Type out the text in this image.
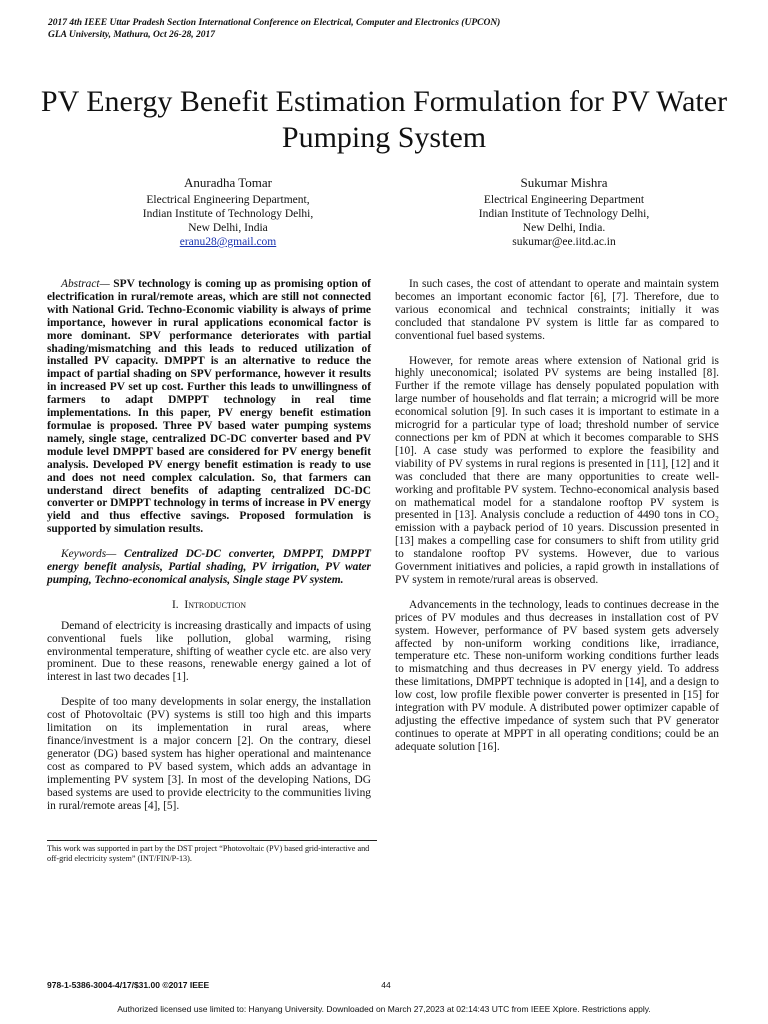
2017 4th IEEE Uttar Pradesh Section International Conference on Electrical, Computer and Electronics (UPCON)
GLA University, Mathura, Oct 26-28, 2017
PV Energy Benefit Estimation Formulation for PV Water Pumping System
Anuradha Tomar
Electrical Engineering Department,
Indian Institute of Technology Delhi,
New Delhi, India
eranu28@gmail.com
Sukumar Mishra
Electrical Engineering Department
Indian Institute of Technology Delhi,
New Delhi, India.
sukumar@ee.iitd.ac.in

Abstract— SPV technology is coming up as promising option of electrification in rural/remote areas, which are still not connected with National Grid. Techno-Economic viability is always of prime importance, however in rural applications economical factor is more dominant. SPV performance deteriorates with partial shading/mismatching and this leads to reduced utilization of installed PV capacity. DMPPT is an alternative to reduce the impact of partial shading on SPV performance, however it results in increased PV set up cost. Further this leads to unwillingness of farmers to adapt DMPPT technology in real time implementations. In this paper, PV energy benefit estimation formulae is proposed. Three PV based water pumping systems namely, single stage, centralized DC-DC converter based and PV module level DMPPT based are considered for PV energy benefit analysis. Developed PV energy benefit estimation is ready to use and does not need complex calculation. So, that farmers can understand direct benefits of adapting centralized DC-DC converter or DMPPT technology in terms of increase in PV energy yield and thus effective savings. Proposed formulation is supported by simulation results.

Keywords— Centralized DC-DC converter, DMPPT, DMPPT energy benefit analysis, Partial shading, PV irrigation, PV water pumping, Techno-economical analysis, Single stage PV system.

I. Introduction

Demand of electricity is increasing drastically and impacts of using conventional fuels like pollution, global warming, rising environmental temperature, shifting of weather cycle etc. are also very prominent. Due to these reasons, renewable energy gained a lot of interest in last two decades [1].

Despite of too many developments in solar energy, the installation cost of Photovoltaic (PV) systems is still too high and this imparts limitation on its implementation in rural areas, where finance/investment is a major concern [2]. On the contrary, diesel generator (DG) based system has higher operational and maintenance cost as compared to PV based system, which adds an advantage in implementing PV system [3]. In most of the developing Nations, DG based systems are used to provide electricity to the communities living in rural/remote areas [4], [5].

In such cases, the cost of attendant to operate and maintain system becomes an important economic factor [6], [7]. Therefore, due to various economical and technical constraints; initially it was concluded that standalone PV system is little far as compared to conventional fuel based systems.

However, for remote areas where extension of National grid is highly uneconomical; isolated PV systems are being installed [8]. Further if the remote village has densely populated population with large number of households and flat terrain; a microgrid will be more economical solution [9]. In such cases it is important to estimate in a microgrid for a particular type of load; threshold number of service connections per km of PDN at which it becomes comparable to SHS [10]. A case study was performed to explore the feasibility and viability of PV systems in rural regions is presented in [11], [12] and it was concluded that there are many opportunities to create well-working and profitable PV system. Techno-economical analysis based on mathematical model for a standalone rooftop PV system is presented in [13]. Analysis conclude a reduction of 4490 tons in CO₂ emission with a payback period of 10 years. Discussion presented in [13] makes a compelling case for consumers to shift from utility grid to standalone rooftop PV systems. However, due to various Government initiatives and policies, a rapid growth in installations of PV system in remote/rural areas is observed.

Advancements in the technology, leads to continues decrease in the prices of PV modules and thus decreases in installation cost of PV system. However, performance of PV based system gets adversely affected by non-uniform working conditions like, irradiance, temperature etc. These non-uniform working conditions further leads to mismatching and thus decreases in PV energy yield. To address these limitations, DMPPT technique is adopted in [14], and a design to low cost, low profile flexible power converter is presented in [15] for integration with PV module. A distributed power optimizer capable of adjusting the effective impedance of system such that PV generator continues to operate at MPPT in all operating conditions; could be an adequate solution [16].

This work was supported in part by the DST project “Photovoltaic (PV) based grid-interactive and off-grid electricity system” (INT/FIN/P-13).
978-1-5386-3004-4/17/$31.00 ©2017 IEEE	44
Authorized licensed use limited to: Hanyang University. Downloaded on March 27,2023 at 02:14:43 UTC from IEEE Xplore. Restrictions apply.
